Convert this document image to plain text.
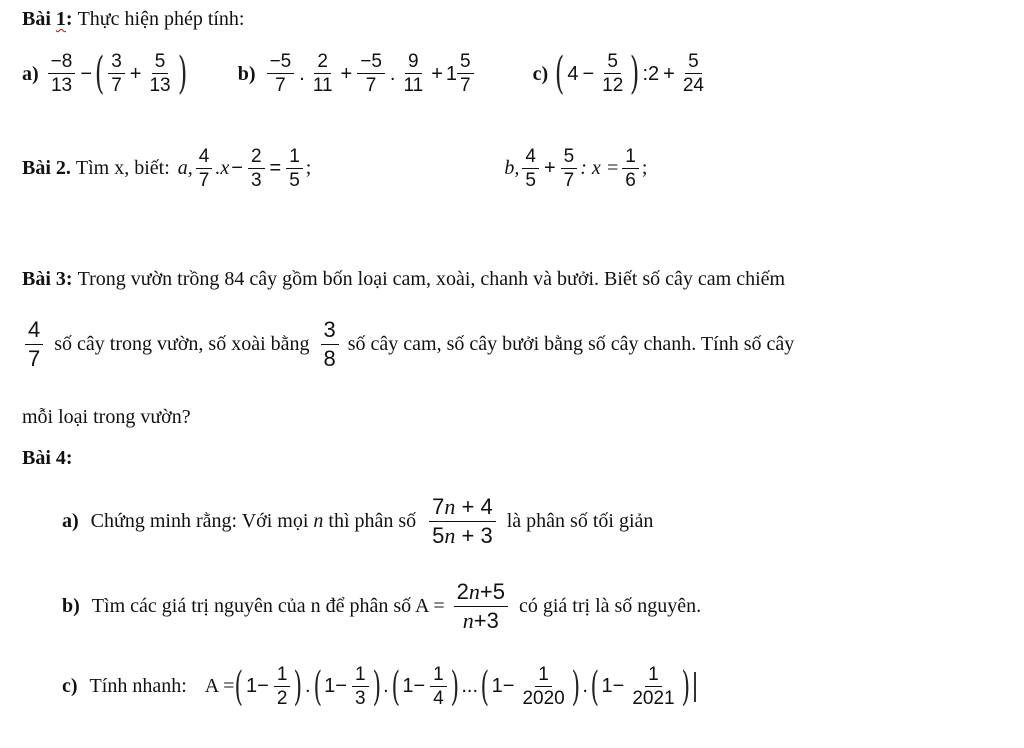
Bài
1 :
Thực hiện phép tính:
$a) \frac{-8}{13}$ − ( $\frac{3}{7} + \frac{5}{13}$ )	$b) \frac{-5}{7}$ . $\frac{2}{11} + \frac{-5}{7}$ . $\frac{9}{11} + 1 \frac{5}{7}$	c) ( $4 - \frac{5}{12}$ ) :2 + $\frac{5}{24}$
Bài 2.
Tìm x, biết: a, $\frac{4}{7} .x - \frac{2}{3} = \frac{1}{5}$ ;	b, $\frac{4}{5} + \frac{5}{7}$ : $x = \frac{1}{6}$ ;
Bài 3:
Trong vườn trồng 84 cây gồm bốn loại cam, xoài, chanh và bưởi. Biết số cây cam chiếm
$\frac{4}{7}$ số cây trong vườn, số xoài bằng $\frac{3}{8}$ số cây cam, số cây bưởi bằng số cây chanh. Tính số cây
mỗi loại trong vườn?
Bài 4:
a) Chứng minh rằng: Với mọi
n
thì phân số $\frac{7n + 4}{5n + 3}$ là phân số tối giản
b) Tìm các giá trị nguyên của n để phân số $A = \frac{2n+5}{n+3}$ có giá trị là số nguyên.
c) Tính nhanh: A = ( $1- \frac{1}{2}$ ) . ( $1- \frac{1}{3}$ ) . ( $1- \frac{1}{4}$ ) ... ( $1- \frac{1}{2020}$ ) . ( $1- \frac{1}{2021}$ )
